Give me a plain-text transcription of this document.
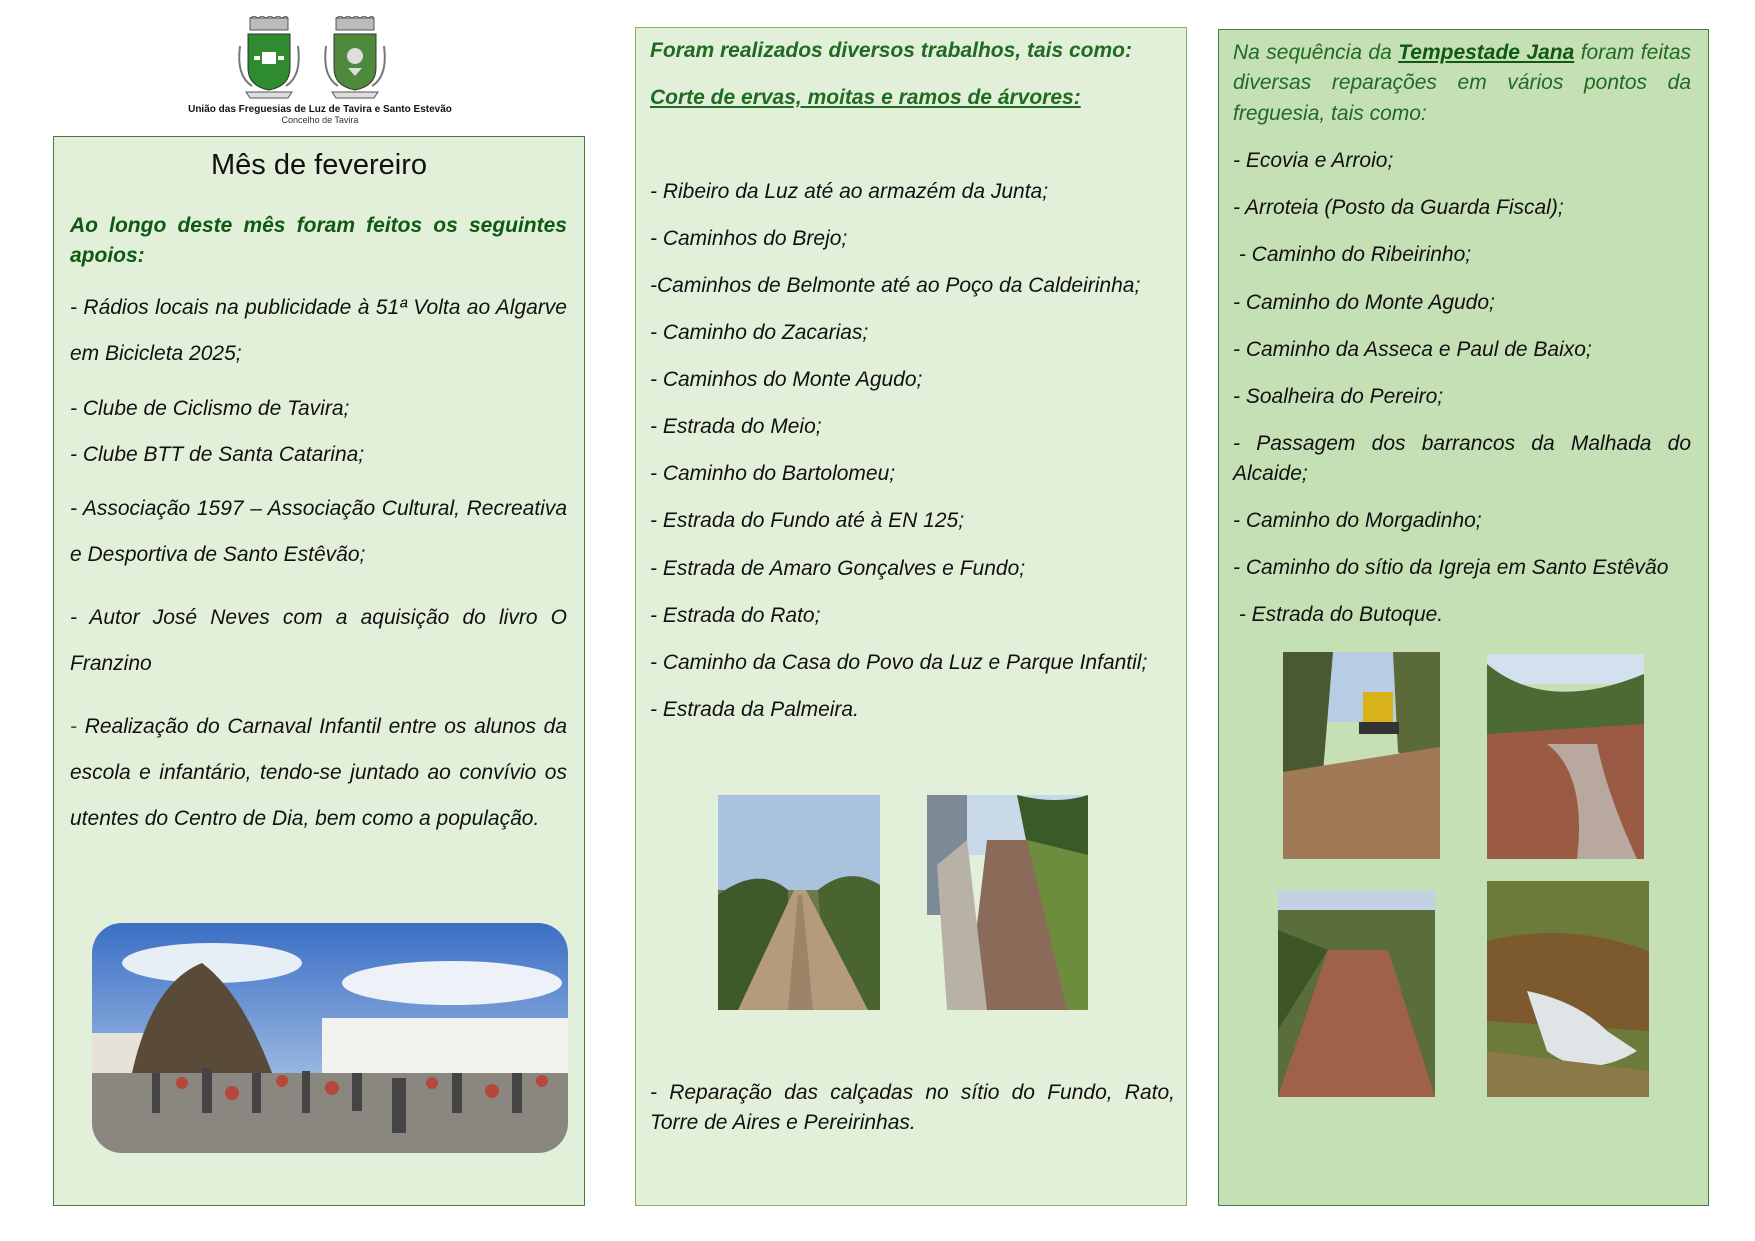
União das Freguesias de Luz de Tavira e Santo Estevão
Concelho de Tavira
Mês de fevereiro

Ao longo deste mês foram feitos os seguintes apoios:

- Rádios locais na publicidade à 51ª Volta ao Algarve em Bicicleta 2025;

- Clube de Ciclismo de Tavira;

- Clube BTT de Santa Catarina;

- Associação 1597 – Associação Cultural, Recreativa e Desportiva de Santo Estêvão;

- Autor José Neves com a aquisição do livro O Franzino

- Realização do Carnaval Infantil entre os alunos da escola e infantário, tendo-se juntado ao convívio os utentes do Centro de Dia, bem como a população.

Foram realizados diversos trabalhos, tais como:

Corte de ervas, moitas e ramos de árvores:

- Ribeiro da Luz até ao armazém da Junta;

- Caminhos do Brejo;

-Caminhos de Belmonte até ao Poço da Caldeirinha;

- Caminho do Zacarias;

- Caminhos do Monte Agudo;

- Estrada do Meio;

- Caminho do Bartolomeu;

- Estrada do Fundo até à EN 125;

- Estrada de Amaro Gonçalves e Fundo;

- Estrada do Rato;

- Caminho da Casa do Povo da Luz e Parque Infantil;

- Estrada da Palmeira.

- Reparação das calçadas no sítio do Fundo, Rato, Torre de Aires e Pereirinhas.

Na sequência da Tempestade Jana foram feitas diversas reparações em vários pontos da freguesia, tais como:

- Ecovia e Arroio;

- Arroteia (Posto da Guarda Fiscal);

- Caminho do Ribeirinho;

- Caminho do Monte Agudo;

- Caminho da Asseca e Paul de Baixo;

- Soalheira do Pereiro;

- Passagem dos barrancos da Malhada do Alcaide;

- Caminho do Morgadinho;

- Caminho do sítio da Igreja em Santo Estêvão

- Estrada do Butoque.
